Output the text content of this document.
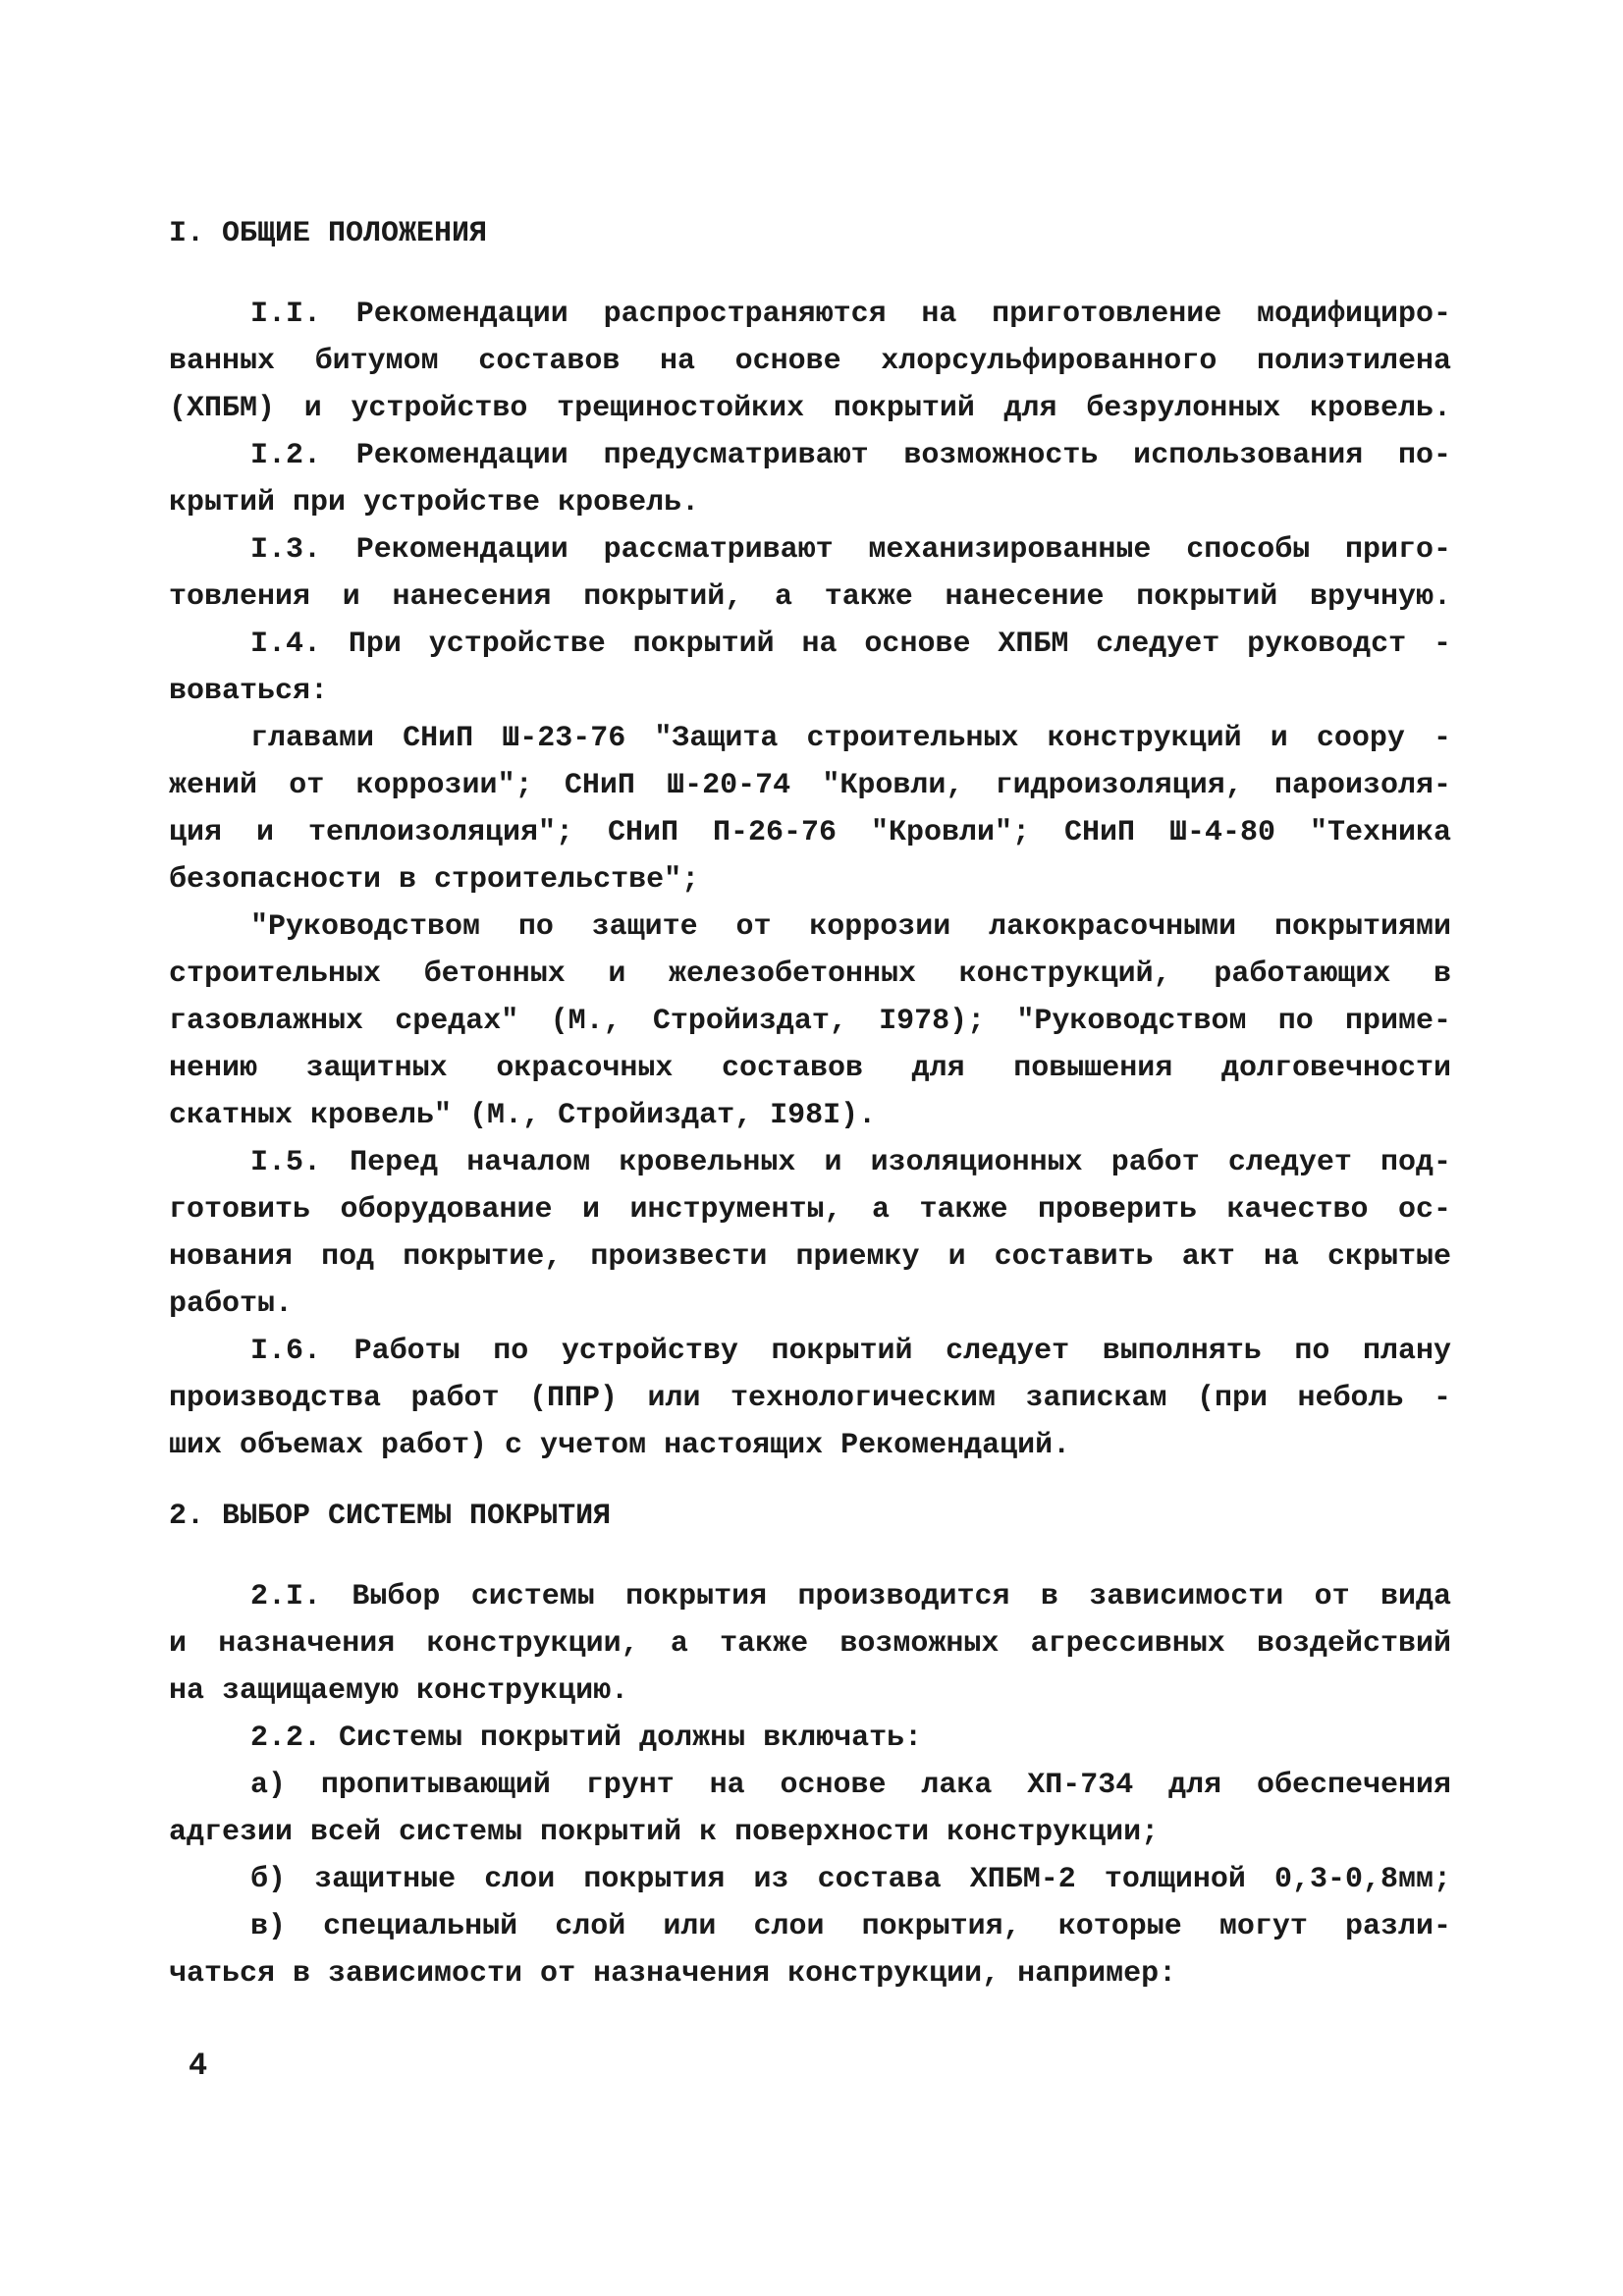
I. ОБЩИЕ ПОЛОЖЕНИЯ
I.I. Рекомендации распространяются на приготовление модифициро-
ванных битумом составов на основе хлорсульфированного полиэтилена
(ХПБМ) и устройство трещиностойких покрытий для безрулонных кровель.
I.2. Рекомендации предусматривают возможность использования по-
крытий при устройстве кровель.
I.3. Рекомендации рассматривают механизированные способы приго-
товления и нанесения покрытий, а также нанесение покрытий вручную.
I.4. При устройстве покрытий на основе ХПБМ следует руководст -
воваться:
главами СНиП Ш-23-76 "Защита строительных конструкций и соору -
жений от коррозии"; СНиП Ш-20-74 "Кровли, гидроизоляция, пароизоля-
ция и теплоизоляция"; СНиП П-26-76 "Кровли"; СНиП Ш-4-80 "Техника
безопасности в строительстве";
"Руководством по защите от коррозии лакокрасочными покрытиями
строительных бетонных и железобетонных конструкций, работающих в
газовлажных средах" (М., Стройиздат, I978); "Руководством по приме-
нению защитных окрасочных составов для повышения долговечности
скатных кровель" (М., Стройиздат, I98I).
I.5. Перед началом кровельных и изоляционных работ следует под-
готовить оборудование и инструменты, а также проверить качество ос-
нования под покрытие, произвести приемку и составить акт на скрытые
работы.
I.6. Работы по устройству покрытий следует выполнять по плану
производства работ (ППР) или технологическим запискам (при неболь -
ших объемах работ) с учетом настоящих Рекомендаций.
2. ВЫБОР СИСТЕМЫ ПОКРЫТИЯ
2.I. Выбор системы покрытия производится в зависимости от вида
и назначения конструкции, а также возможных агрессивных воздействий
на защищаемую конструкцию.
2.2. Системы покрытий должны включать:
а) пропитывающий грунт на основе лака ХП-734 для обеспечения
адгезии всей системы покрытий к поверхности конструкции;
б) защитные слои покрытия из состава ХПБМ-2 толщиной 0,3-0,8мм;
в) специальный слой или слои покрытия, которые могут разли-
чаться в зависимости от назначения конструкции, например:
4
